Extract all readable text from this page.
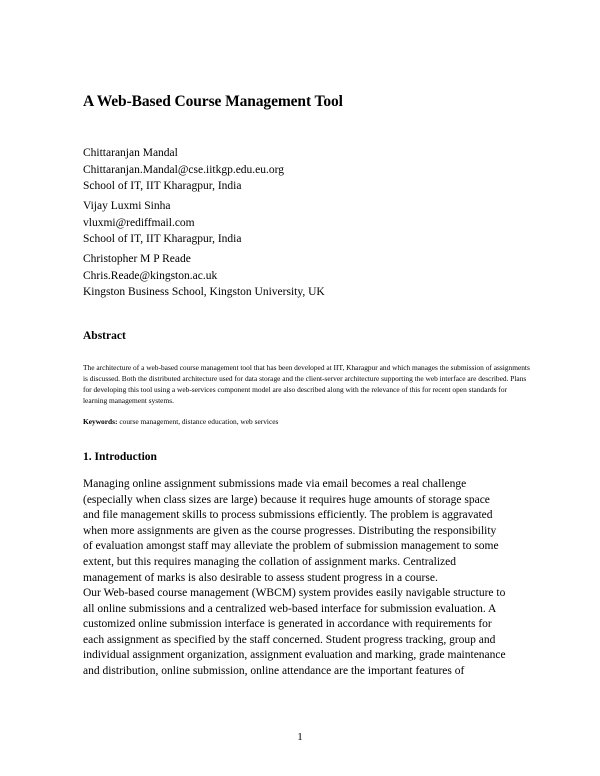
A Web-Based Course Management Tool
Chittaranjan Mandal
Chittaranjan.Mandal@cse.iitkgp.edu.eu.org
School of IT, IIT Kharagpur, India
Vijay Luxmi Sinha
vluxmi@rediffmail.com
School of IT, IIT Kharagpur, India
Christopher M P Reade
Chris.Reade@kingston.ac.uk
Kingston Business School, Kingston University, UK
Abstract

The architecture of a web-based course management tool that has been developed at IIT, Kharagpur and which manages the submission of assignments is discussed. Both the distributed architecture used for data storage and the client-server architecture supporting the web interface are described. Plans for developing this tool using a web-services component model are also described along with the relevance of this for recent open standards for learning management systems.

Keywords: course management, distance education, web services

1. Introduction

Managing online assignment submissions made via email becomes a real challenge
(especially when class sizes are large) because it requires huge amounts of storage space
and file management skills to process submissions efficiently. The problem is aggravated
when more assignments are given as the course progresses. Distributing the responsibility
of evaluation amongst staff may alleviate the problem of submission management to some
extent, but this requires managing the collation of assignment marks. Centralized
management of marks is also desirable to assess student progress in a course.

Our Web-based course management (WBCM) system provides easily navigable structure to
all online submissions and a centralized web-based interface for submission evaluation. A
customized online submission interface is generated in accordance with requirements for
each assignment as specified by the staff concerned. Student progress tracking, group and
individual assignment organization, assignment evaluation and marking, grade maintenance
and distribution, online submission, online attendance are the important features of

1
